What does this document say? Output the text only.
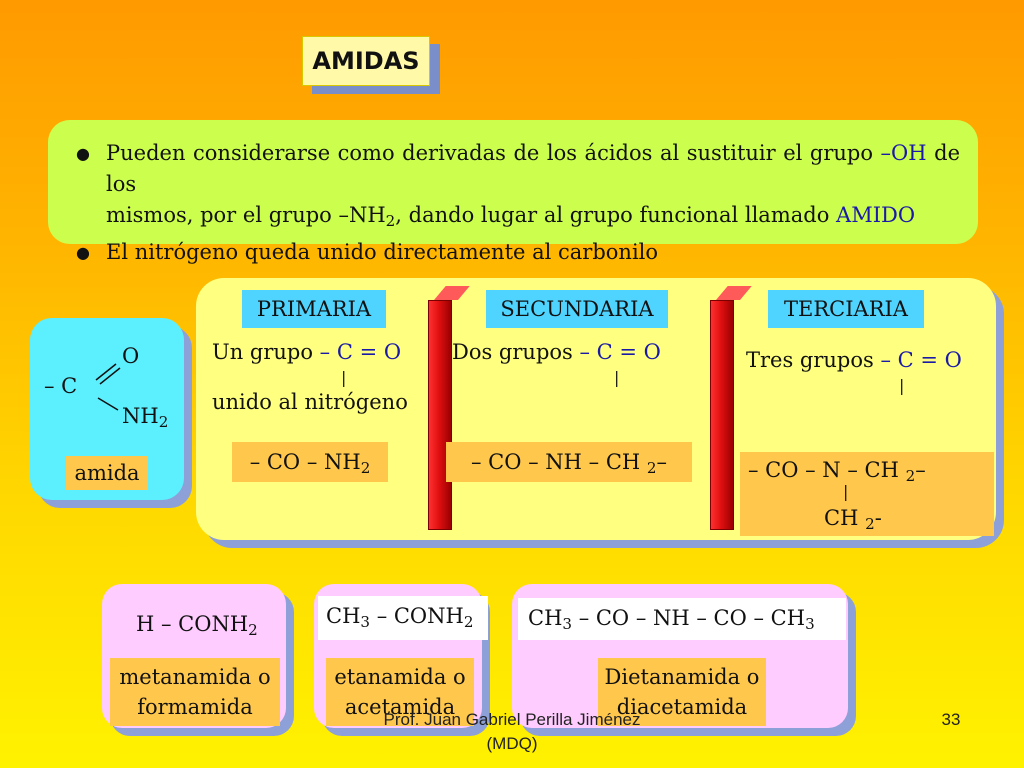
AMIDAS
● Pueden considerarse como derivadas de los ácidos al sustituir el grupo –OH de los
mismos, por el grupo $-NH_2$, dando lugar al grupo funcional llamado AMIDO
● El nitrógeno queda unido directamente al carbonilo
O
– C
$NH_2$
amida
PRIMARIA
Un grupo – C = O
|
unido al nitrógeno
– CO – $NH_2$
SECUNDARIA
Dos grupos – C = O
|
– CO – NH – CH $_2$–
TERCIARIA
Tres grupos – C = O
|
– CO – N – CH $_2$–
|
CH $_2$-
H – $CONH_2$
metanamida o formamida
$CH_3$ – $CONH_2$
etanamida o acetamida
$CH_3$ – CO – NH – CO – $CH_3$
Dietanamida o diacetamida
Prof. Juan Gabriel Perilla Jiménez
(MDQ)
33
